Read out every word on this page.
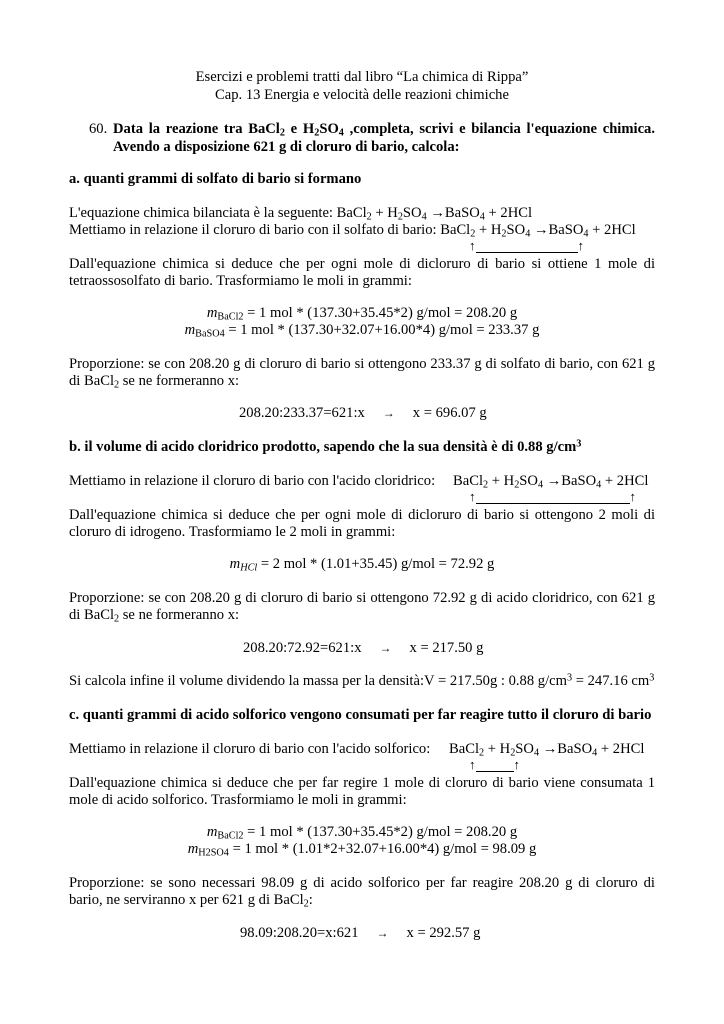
Esercizi e problemi tratti dal libro “La chimica di Rippa”
Cap. 13 Energia e velocità delle reazioni chimiche
60. Data la reazione tra BaCl$_2$ e $H_2SO_4$ ,completa, scrivi e bilancia l'equazione chimica.
Avendo a disposizione 621 g di cloruro di bario, calcola:
a. quanti grammi di solfato di bario si formano
L'equazione chimica bilanciata è la seguente: BaCl$_2$ + $H_2SO_4$ →BaSO$_4$ + 2HCl
Mettiamo in relazione il cloruro di bario con il solfato di bario: BaCl$_2$ + $H_2SO_4$ →BaSO$_4$ + 2HCl
↑	↑
Dall'equazione chimica si deduce che per ogni mole di dicloruro di bario si ottiene 1 mole di
tetraossosolfato di bario. Trasformiamo le moli in grammi:
$m_{BaCl2} = 1$ mol * (137.30+35.45*2) g/mol = 208.20 g
$m_{BaSO4} = 1$ mol * (137.30+32.07+16.00*4) g/mol = 233.37 g
Proporzione: se con 208.20 g di cloruro di bario si ottengono 233.37 g di solfato di bario, con 621 g
di BaCl$_2$ se ne formeranno x:
208.20:233.37=621:x → x = 696.07 g
b. il volume di acido cloridrico prodotto, sapendo che la sua densità è di 0.88 $g/cm^3$
Mettiamo in relazione il cloruro di bario con l'acido cloridrico: BaCl$_2$ + $H_2SO_4$ →BaSO$_4$ + 2HCl
↑	↑
Dall'equazione chimica si deduce che per ogni mole di dicloruro di bario si ottengono 2 moli di
cloruro di idrogeno. Trasformiamo le 2 moli in grammi:
$m_{HCl} = 2$ mol * (1.01+35.45) g/mol = 72.92 g
Proporzione: se con 208.20 g di cloruro di bario si ottengono 72.92 g di acido cloridrico, con 621 g
di BaCl$_2$ se ne formeranno x:
208.20:72.92=621:x → x = 217.50 g
Si calcola infine il volume dividendo la massa per la densità:V = 217.50g : 0.88 $g/cm^3 = 247.16$ $cm^3$
c. quanti grammi di acido solforico vengono consumati per far reagire tutto il cloruro di bario
Mettiamo in relazione il cloruro di bario con l'acido solforico: BaCl$_2$ + $H_2SO_4$ →BaSO$_4$ + 2HCl
↑	↑
Dall'equazione chimica si deduce che per far regire 1 mole di cloruro di bario viene consumata 1
mole di acido solforico. Trasformiamo le moli in grammi:
$m_{BaCl2} = 1$ mol * (137.30+35.45*2) g/mol = 208.20 g
$m_{H2SO4} = 1$ mol * (1.01*2+32.07+16.00*4) g/mol = 98.09 g
Proporzione: se sono necessari 98.09 g di acido solforico per far reagire 208.20 g di cloruro di
bario, ne serviranno x per 621 g di BaCl$_2$:
98.09:208.20=x:621 → x = 292.57 g
